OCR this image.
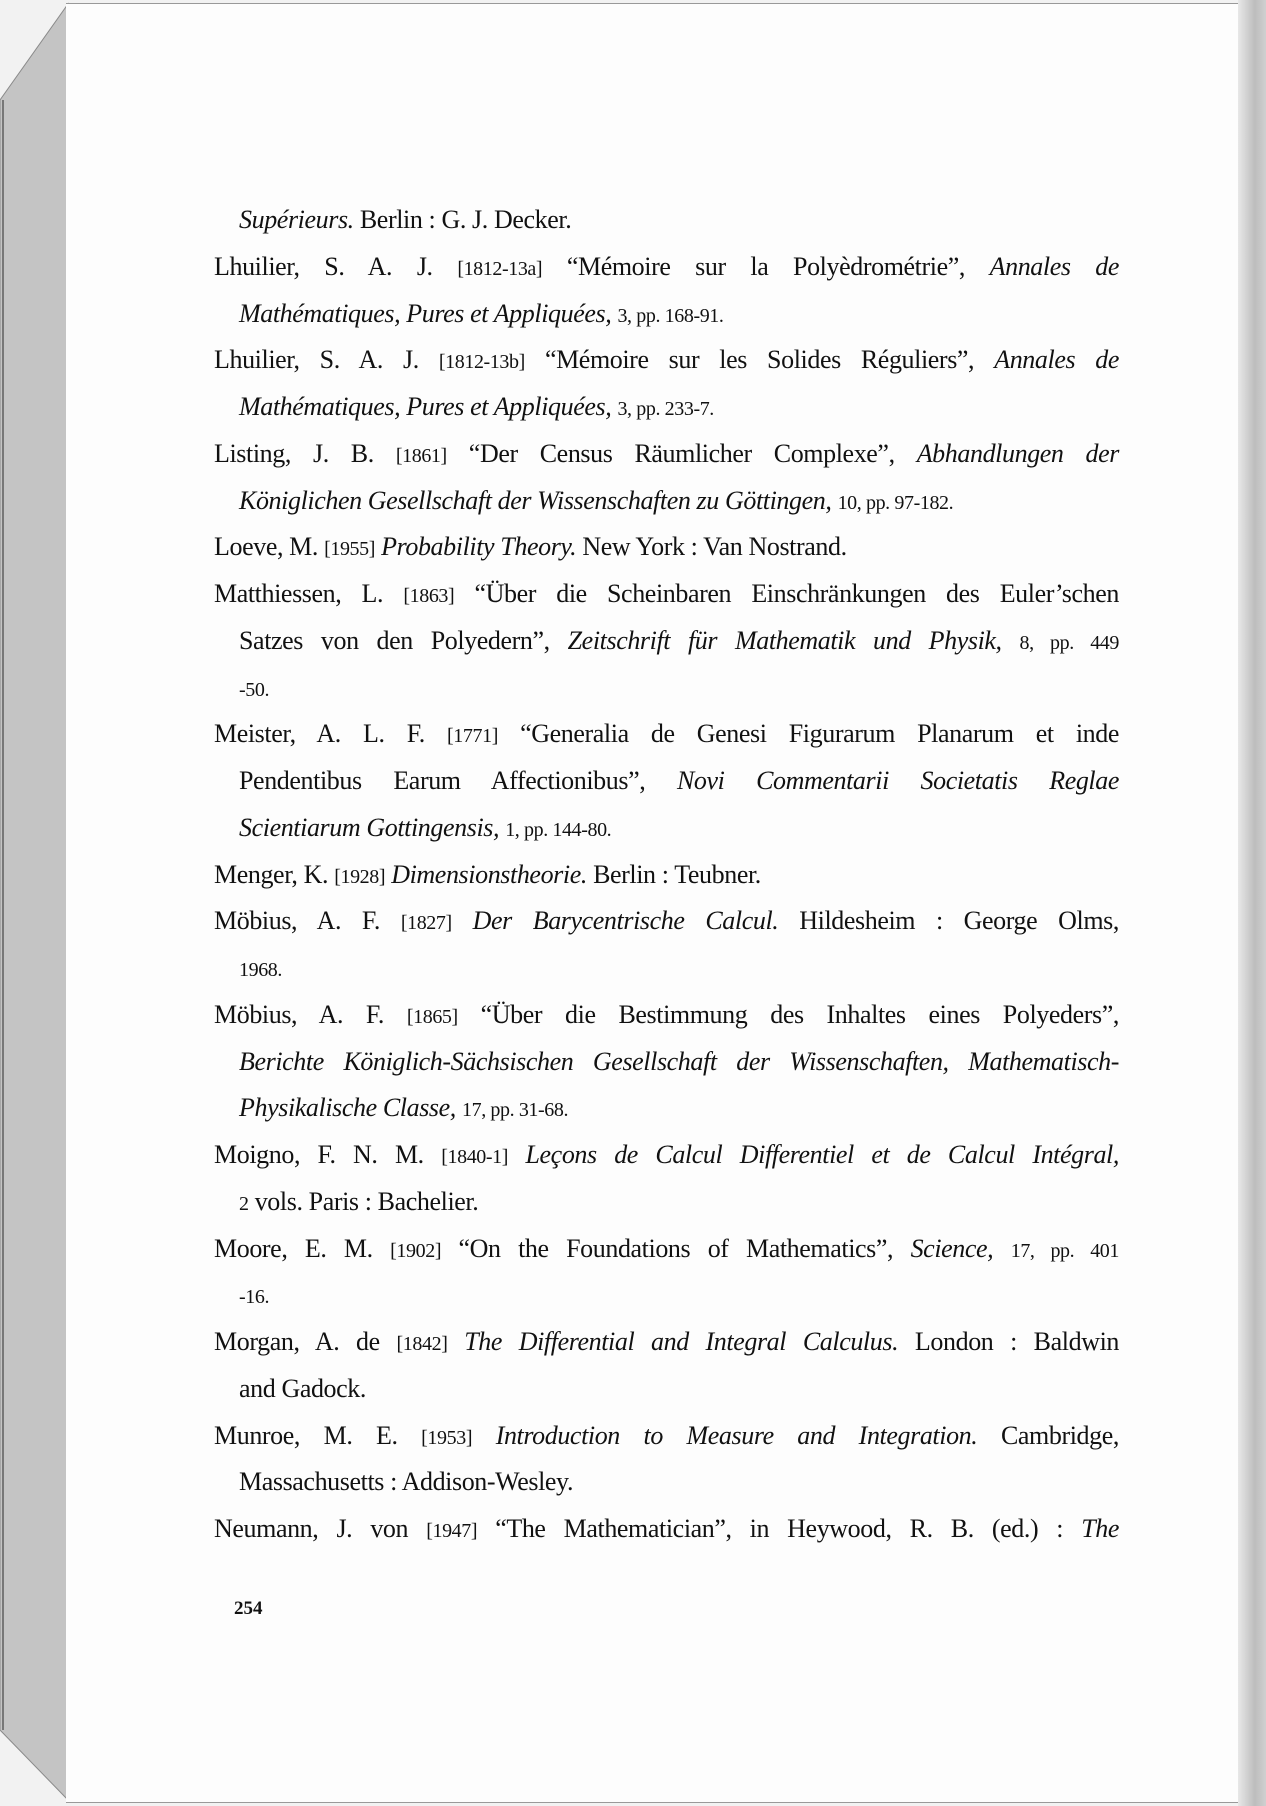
Supérieurs. Berlin : G. J. Decker.
Lhuilier, S. A. J. [1812-13a] “Mémoire sur la Polyèdrométrie”, Annales de
Mathématiques, Pures et Appliquées, 3, pp. 168-91.
Lhuilier, S. A. J. [1812-13b] “Mémoire sur les Solides Réguliers”, Annales de
Mathématiques, Pures et Appliquées, 3, pp. 233-7.
Listing, J. B. [1861] “Der Census Räumlicher Complexe”, Abhandlungen der
Königlichen Gesellschaft der Wissenschaften zu Göttingen, 10, pp. 97-182.
Loeve, M. [1955] Probability Theory. New York : Van Nostrand.
Matthiessen, L. [1863] “Über die Scheinbaren Einschränkungen des Euler’schen
Satzes von den Polyedern”, Zeitschrift für Mathematik und Physik, 8, pp. 449
-50.
Meister, A. L. F. [1771] “Generalia de Genesi Figurarum Planarum et inde
Pendentibus Earum Affectionibus”, Novi Commentarii Societatis Reglae
Scientiarum Gottingensis, 1, pp. 144-80.
Menger, K. [1928] Dimensionstheorie. Berlin : Teubner.
Möbius, A. F. [1827] Der Barycentrische Calcul. Hildesheim : George Olms,
1968.
Möbius, A. F. [1865] “Über die Bestimmung des Inhaltes eines Polyeders”,
Berichte Königlich-Sächsischen Gesellschaft der Wissenschaften, Mathematisch-
Physikalische Classe, 17, pp. 31-68.
Moigno, F. N. M. [1840-1] Leçons de Calcul Differentiel et de Calcul Intégral,
2 vols. Paris : Bachelier.
Moore, E. M. [1902] “On the Foundations of Mathematics”, Science, 17, pp. 401
-16.
Morgan, A. de [1842] The Differential and Integral Calculus. London : Baldwin
and Gadock.
Munroe, M. E. [1953] Introduction to Measure and Integration. Cambridge,
Massachusetts : Addison-Wesley.
Neumann, J. von [1947] “The Mathematician”, in Heywood, R. B. (ed.) : The
254
